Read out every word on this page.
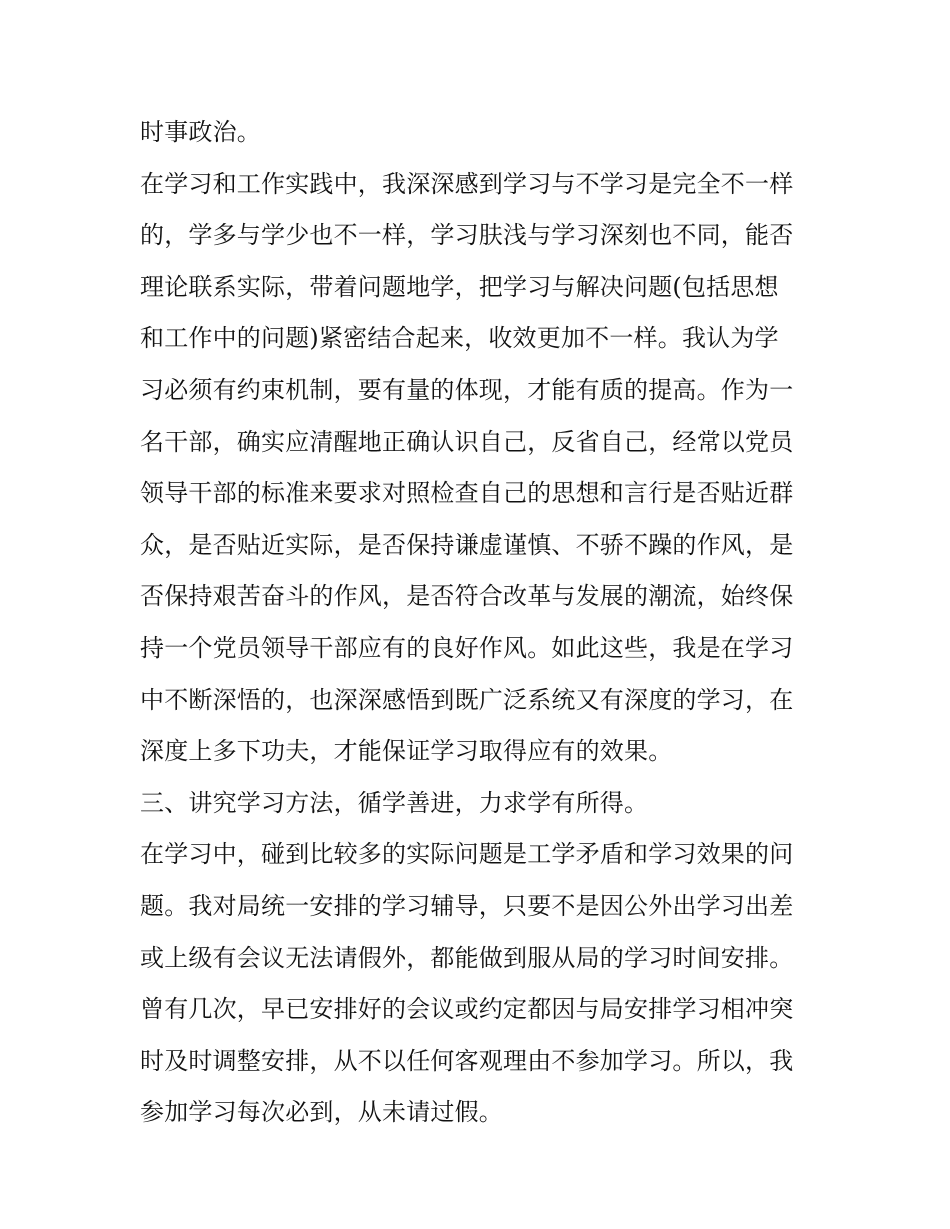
时事政治。
在学习和工作实践中，我深深感到学习与不学习是完全不一样
的，学多与学少也不一样，学习肤浅与学习深刻也不同，能否
理论联系实际，带着问题地学，把学习与解决问题(包括思想
和工作中的问题)紧密结合起来，收效更加不一样。我认为学
习必须有约束机制，要有量的体现，才能有质的提高。作为一
名干部，确实应清醒地正确认识自己，反省自己，经常以党员
领导干部的标准来要求对照检查自己的思想和言行是否贴近群
众，是否贴近实际，是否保持谦虚谨慎、不骄不躁的作风，是
否保持艰苦奋斗的作风，是否符合改革与发展的潮流，始终保
持一个党员领导干部应有的良好作风。如此这些，我是在学习
中不断深悟的，也深深感悟到既广泛系统又有深度的学习，在
深度上多下功夫，才能保证学习取得应有的效果。
三、讲究学习方法，循学善进，力求学有所得。
在学习中，碰到比较多的实际问题是工学矛盾和学习效果的问
题。我对局统一安排的学习辅导，只要不是因公外出学习出差
或上级有会议无法请假外，都能做到服从局的学习时间安排。
曾有几次，早已安排好的会议或约定都因与局安排学习相冲突
时及时调整安排，从不以任何客观理由不参加学习。所以，我
参加学习每次必到，从未请过假。
